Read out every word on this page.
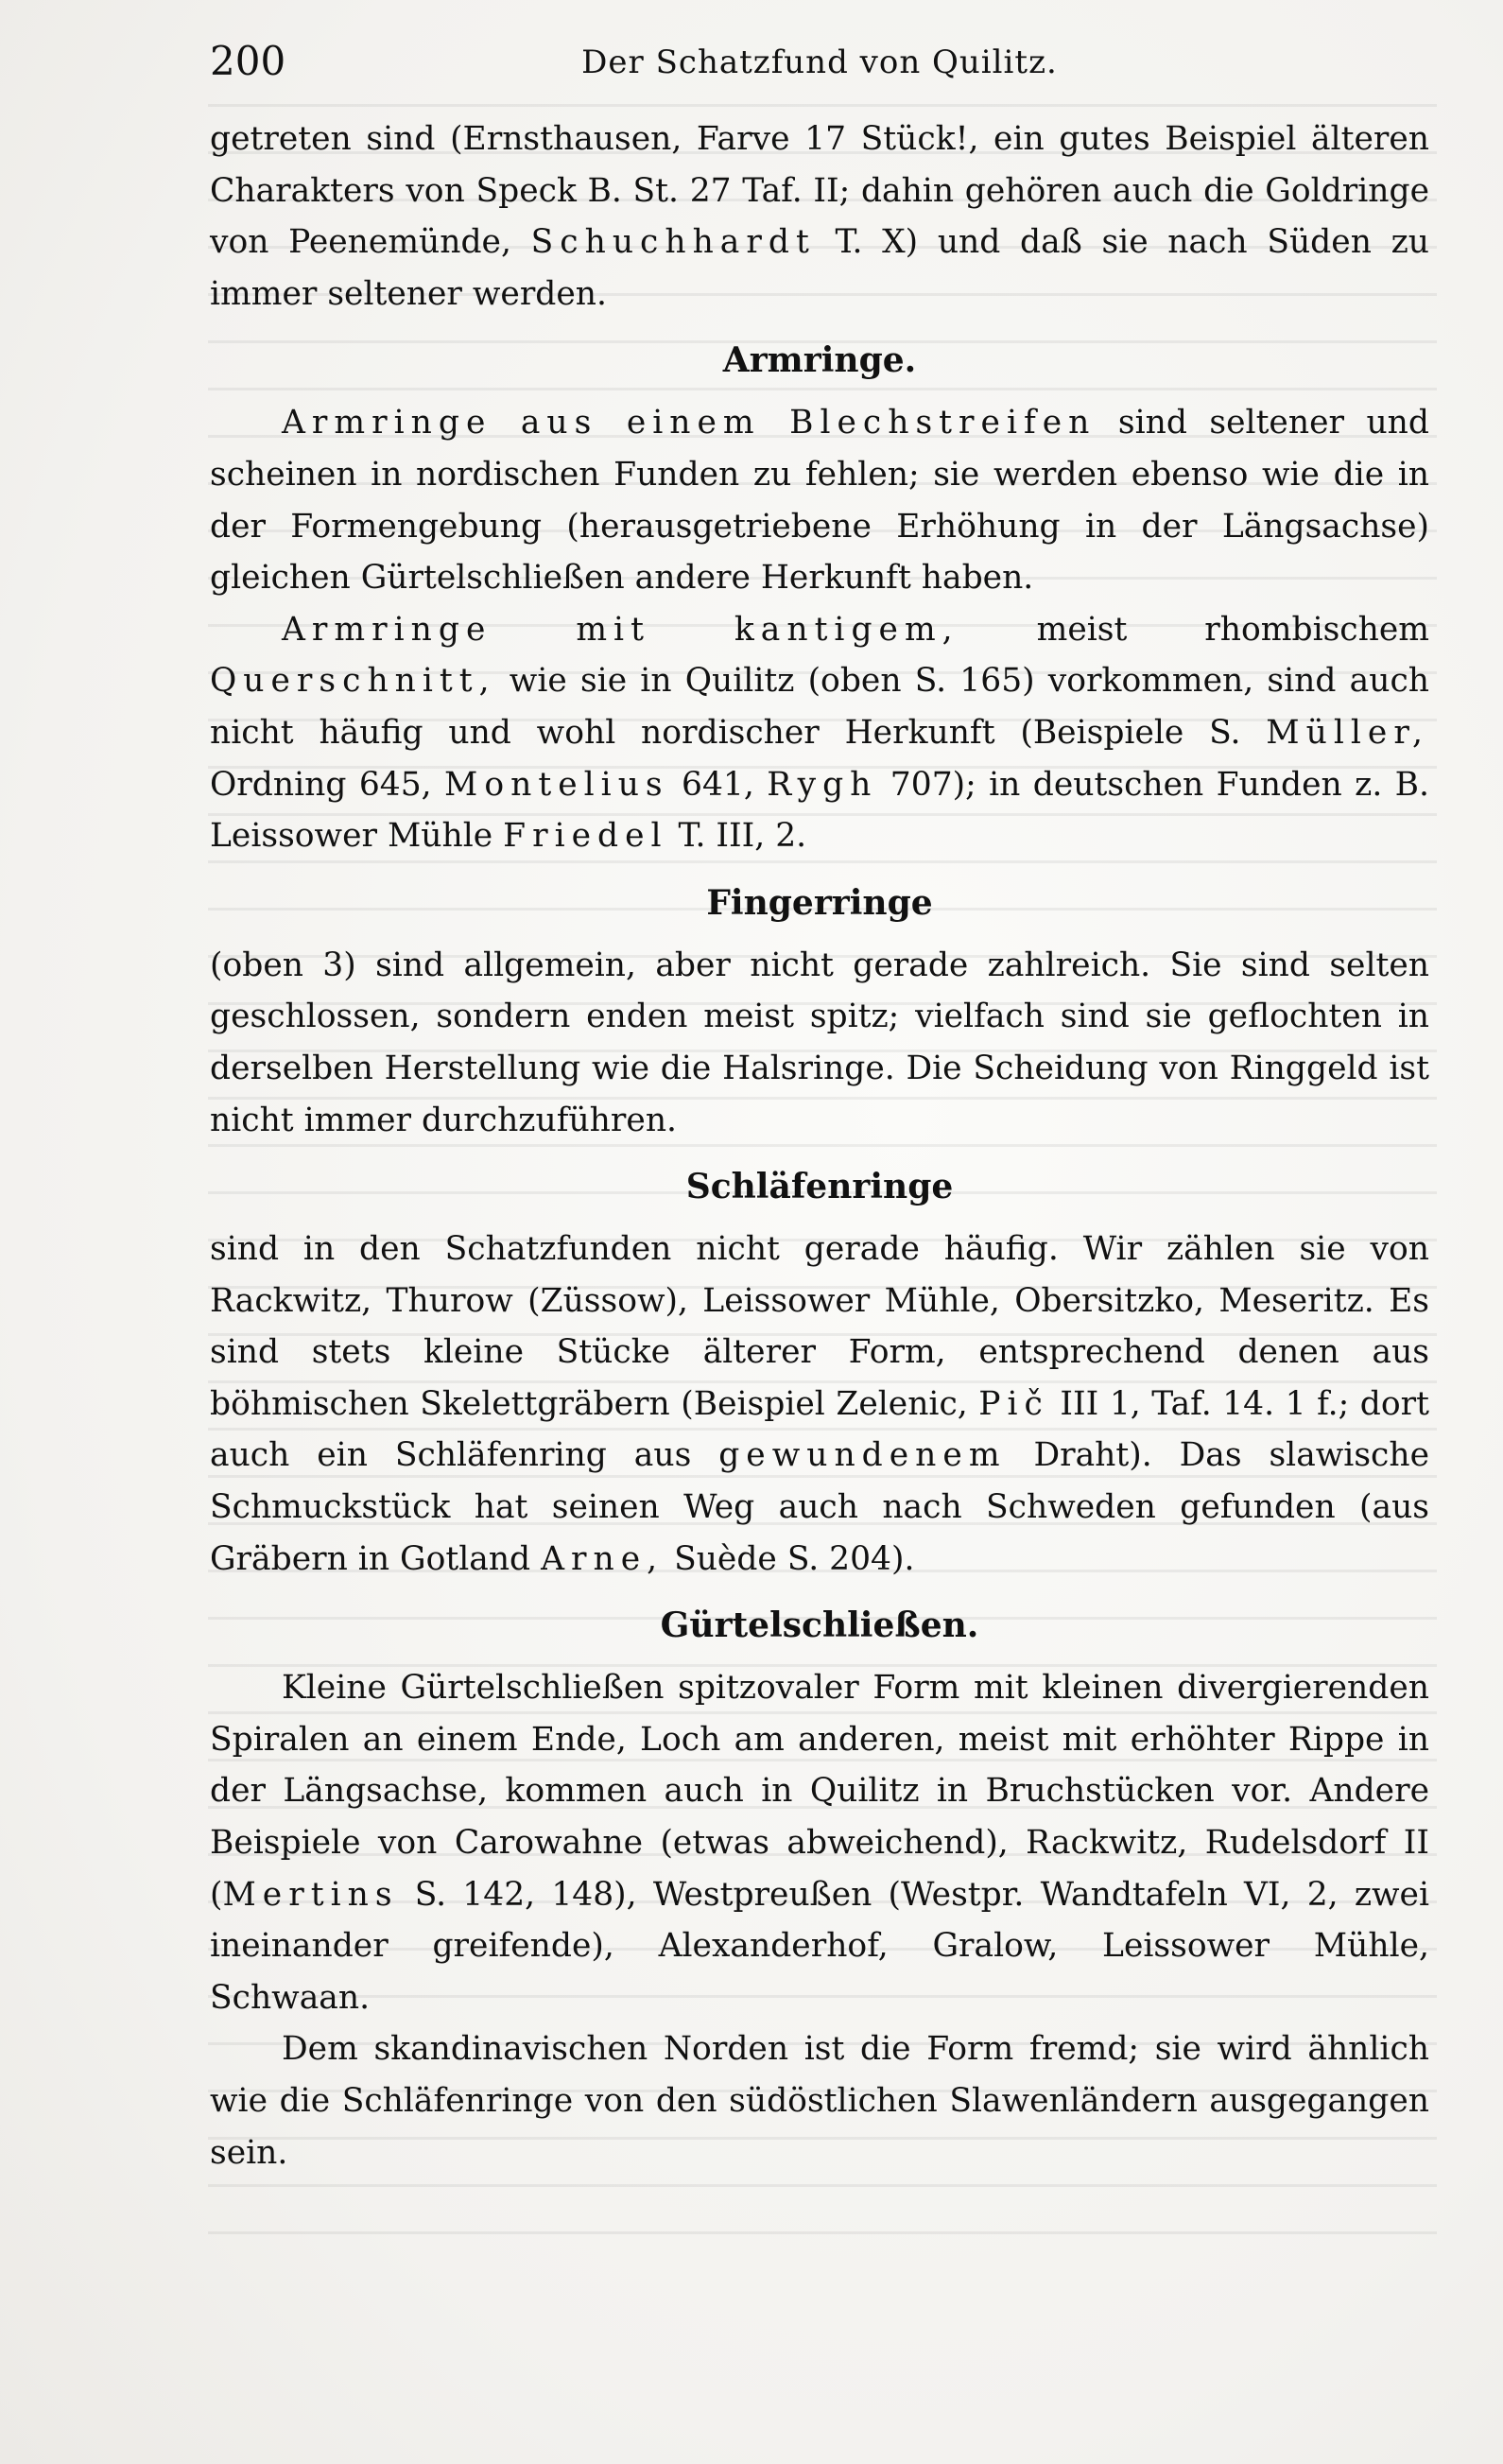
200	Der Schatzfund von Quilitz.

getreten sind (Ernsthausen, Farve 17 Stück!, ein gutes Beispiel älteren Charakters von Speck B. St. 27 Taf. II; dahin gehören auch die Goldringe von Peenemünde, Schuchhardt T. X) und daß sie nach Süden zu immer seltener werden.

Armringe.

Armringe aus einem Blechstreifen sind seltener und scheinen in nordischen Funden zu fehlen; sie werden ebenso wie die in der Formengebung (herausgetriebene Erhöhung in der Längsachse) gleichen Gürtelschließen andere Herkunft haben.

Armringe mit kantigem, meist rhombischem Querschnitt, wie sie in Quilitz (oben S. 165) vorkommen, sind auch nicht häufig und wohl nordischer Herkunft (Beispiele S. Müller, Ordning 645, Montelius 641, Rygh 707); in deutschen Funden z. B. Leissower Mühle Friedel T. III, 2.

Fingerringe

(oben 3) sind allgemein, aber nicht gerade zahlreich. Sie sind selten geschlossen, sondern enden meist spitz; vielfach sind sie geflochten in derselben Herstellung wie die Halsringe. Die Scheidung von Ringgeld ist nicht immer durchzuführen.

Schläfenringe

sind in den Schatzfunden nicht gerade häufig. Wir zählen sie von Rackwitz, Thurow (Züssow), Leissower Mühle, Obersitzko, Meseritz. Es sind stets kleine Stücke älterer Form, entsprechend denen aus böhmischen Skelettgräbern (Beispiel Zelenic, Pič III 1, Taf. 14. 1 f.; dort auch ein Schläfenring aus gewundenem Draht). Das slawische Schmuckstück hat seinen Weg auch nach Schweden gefunden (aus Gräbern in Gotland Arne, Suède S. 204).

Gürtelschließen.

Kleine Gürtelschließen spitzovaler Form mit kleinen divergierenden Spiralen an einem Ende, Loch am anderen, meist mit erhöhter Rippe in der Längsachse, kommen auch in Quilitz in Bruchstücken vor. Andere Beispiele von Carowahne (etwas abweichend), Rackwitz, Rudelsdorf II (Mertins S. 142, 148), Westpreußen (Westpr. Wandtafeln VI, 2, zwei ineinander greifende), Alexanderhof, Gralow, Leissower Mühle, Schwaan.

Dem skandinavischen Norden ist die Form fremd; sie wird ähnlich wie die Schläfenringe von den südöstlichen Slawenländern ausgegangen sein.
